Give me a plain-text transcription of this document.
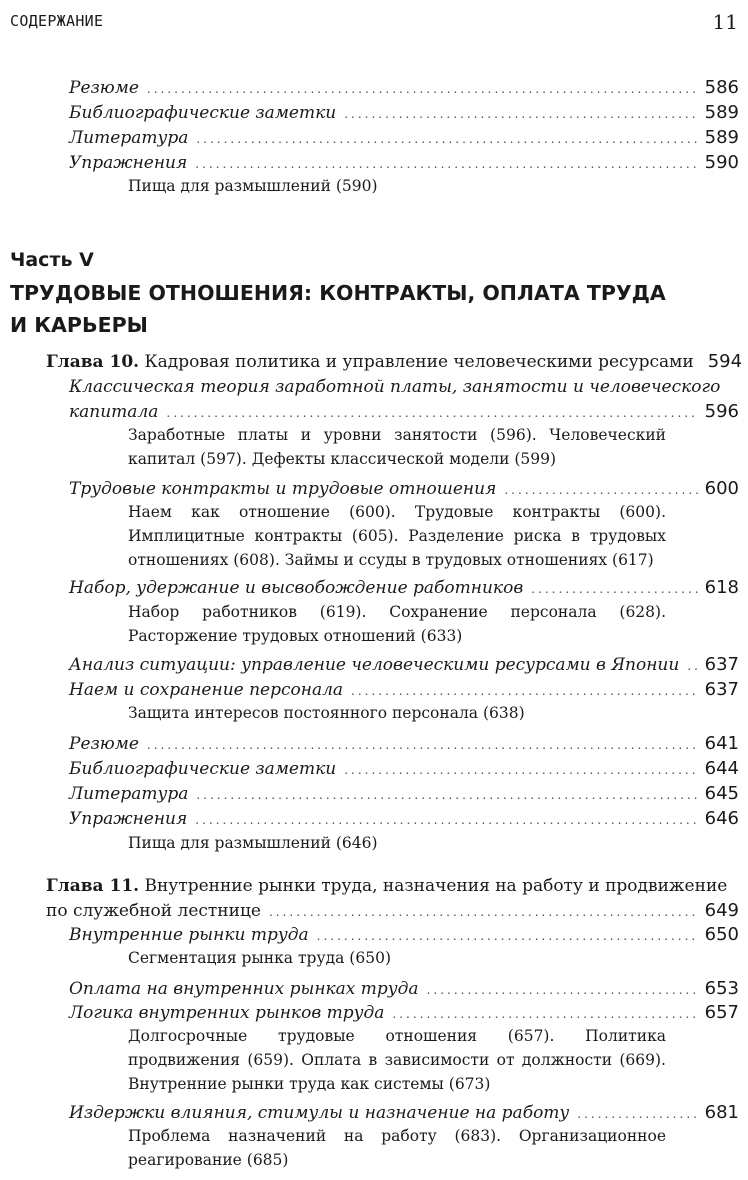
СОДЕРЖАНИЕ	11
Резюме .....	586
Библиографические заметки .....	589
Литература .....	589
Упражнения .....	590
Пища для размышлений (590)
Часть V
ТРУДОВЫЕ ОТНОШЕНИЯ: КОНТРАКТЫ, ОПЛАТА ТРУДА
И КАРЬЕРЫ
Глава 10. Кадровая политика и управление человеческими ресурсами 594
Классическая теория заработной платы, занятости и человеческого
капитала .....	596
Заработные платы и уровни занятости (596). Человеческий капитал (597). Дефекты классической модели (599)
Трудовые контракты и трудовые отношения .....	600
Наем как отношение (600). Трудовые контракты (600). Имплицитные контракты (605). Разделение риска в трудовых отношениях (608). Займы и ссуды в трудовых отношениях (617)
Набор, удержание и высвобождение работников .....	618
Набор работников (619). Сохранение персонала (628). Расторжение трудовых отношений (633)
Анализ ситуации: управление человеческими ресурсами в Японии ..... 637
Наем и сохранение персонала .....	637
Защита интересов постоянного персонала (638)
Резюме .....	641
Библиографические заметки .....	644
Литература .....	645
Упражнения .....	646
Пища для размышлений (646)
Глава 11. Внутренние рынки труда, назначения на работу и продвижение
по служебной лестнице .....	649
Внутренние рынки труда .....	650
Сегментация рынка труда (650)
Оплата на внутренних рынках труда .....	653
Логика внутренних рынков труда .....	657
Долгосрочные трудовые отношения (657). Политика продвижения (659). Оплата в зависимости от должности (669). Внутренние рынки труда как системы (673)
Издержки влияния, стимулы и назначение на работу .....	681
Проблема назначений на работу (683). Организационное реагирование (685)
